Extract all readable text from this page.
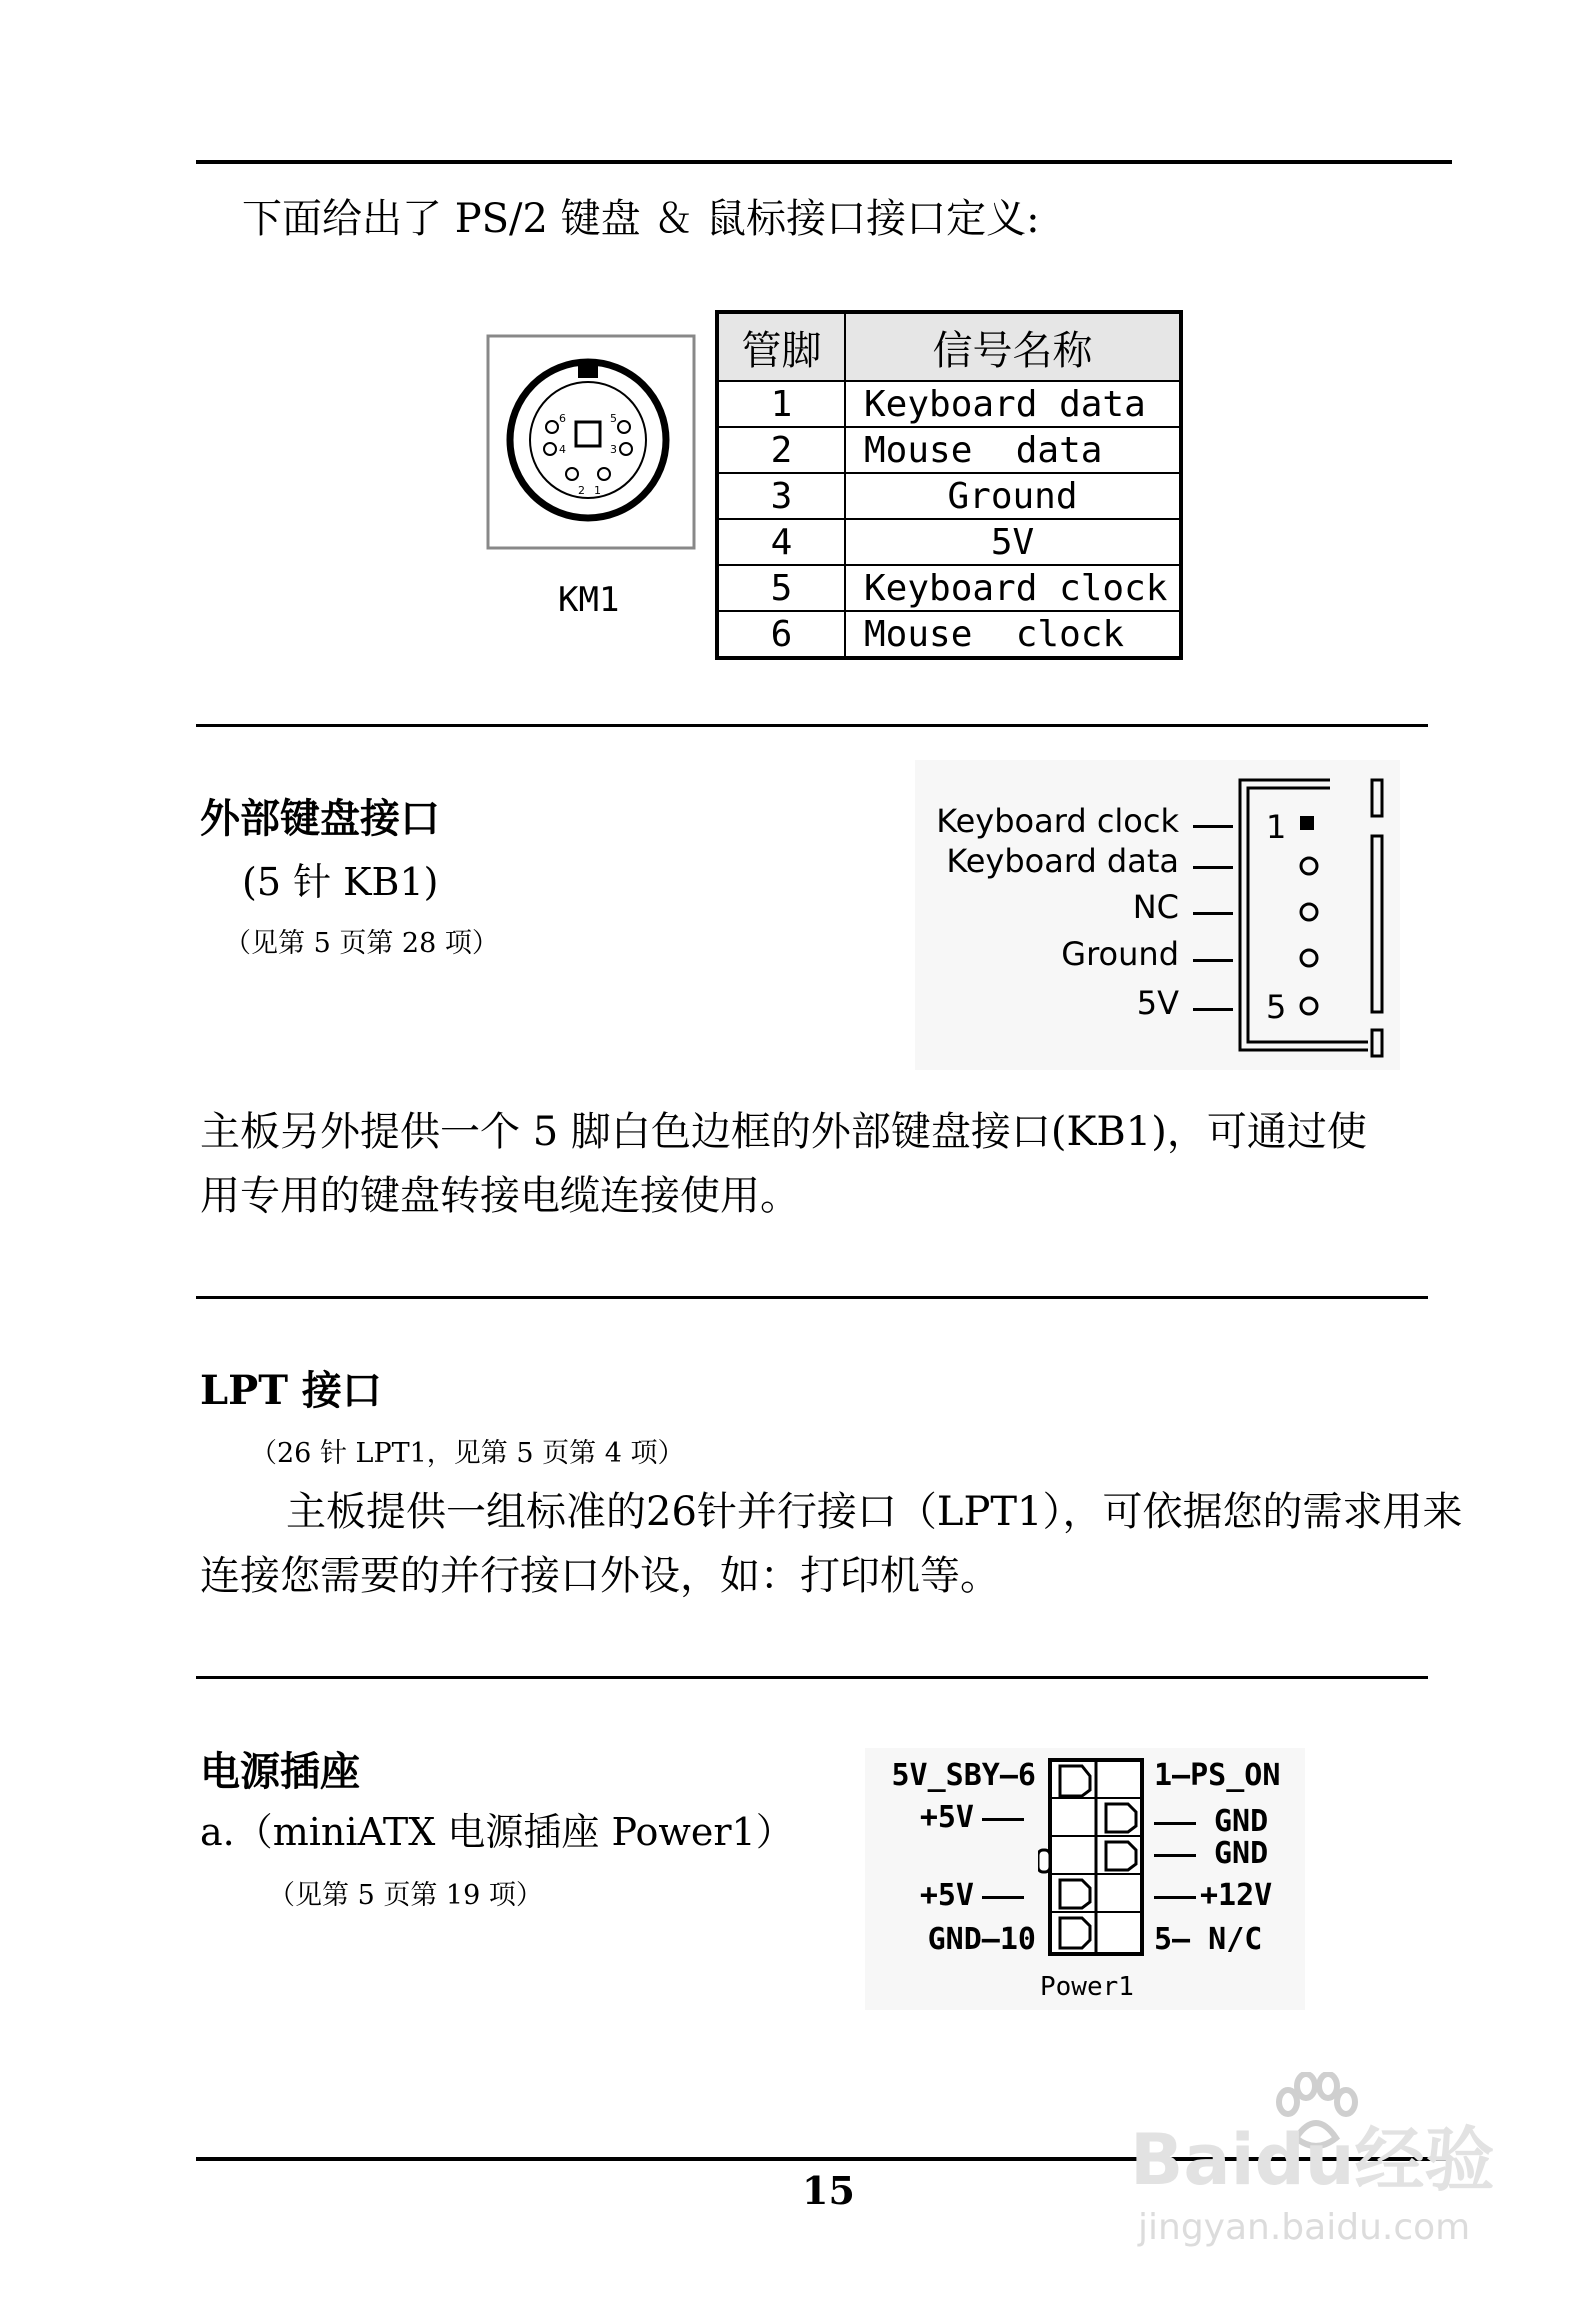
下面给出了 PS/2 键盘 ＆ 鼠标接口接口定义:
6	5
4	3
2 1
KM1
管脚	信号名称
1	Keyboard data
2	Mouse  data
3	Ground
4	5V
5	Keyboard clock
6	Mouse  clock
外部键盘接口
(5 针 KB1)
（见第 5 页第 28 项）
Keyboard clock
Keyboard data
NC
Ground
5V
1
5
主板另外提供一个 5 脚白色边框的外部键盘接口(KB1)，可通过使
用专用的键盘转接电缆连接使用。
LPT 接口
（26 针 LPT1，见第 5 页第 4 项）
主板提供一组标准的26针并行接口（LPT1），可依据您的需求用来
连接您需要的并行接口外设，如：打印机等。
电源插座
a.（miniATX 电源插座 Power1）
（见第 5 页第 19 项）
5V_SBY—6
+5V
+5V
GND—10
1—PS_ON
GND
GND
+12V
5— N/C
Power1
15	Baidu经验
jingyan.baidu.com
